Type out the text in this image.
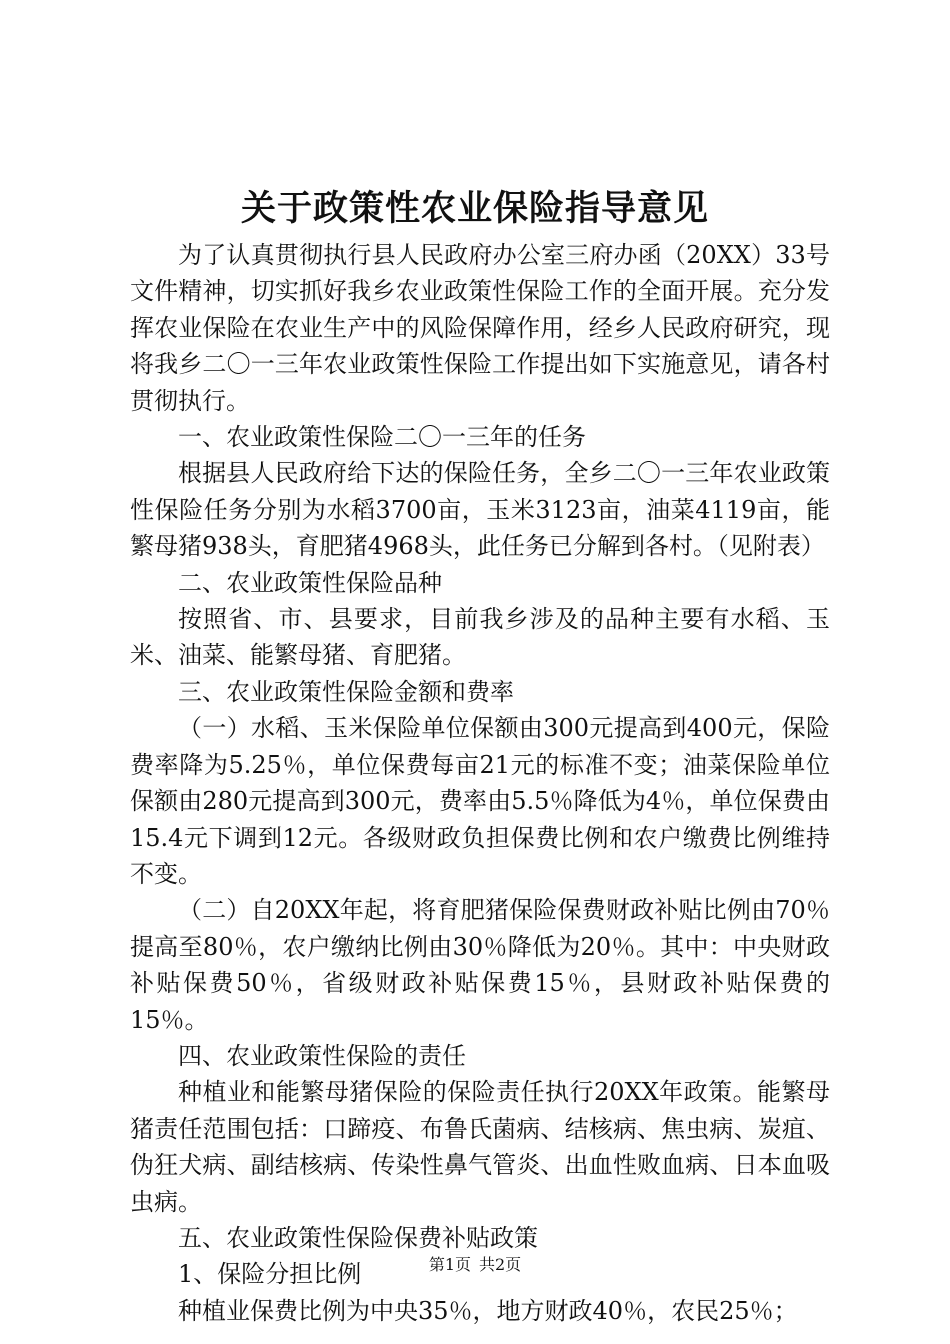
关于政策性农业保险指导意见

为了认真贯彻执行县人民政府办公室三府办函（20XX）33号文件精神，切实抓好我乡农业政策性保险工作的全面开展。充分发挥农业保险在农业生产中的风险保障作用，经乡人民政府研究，现将我乡二〇一三年农业政策性保险工作提出如下实施意见，请各村贯彻执行。

一、农业政策性保险二〇一三年的任务

根据县人民政府给下达的保险任务，全乡二〇一三年农业政策性保险任务分别为水稻3700亩，玉米3123亩，油菜4119亩，能繁母猪938头，育肥猪4968头，此任务已分解到各村。（见附表）

二、农业政策性保险品种

按照省、市、县要求，目前我乡涉及的品种主要有水稻、玉米、油菜、能繁母猪、育肥猪。

三、农业政策性保险金额和费率

（一）水稻、玉米保险单位保额由300元提高到400元，保险费率降为5.25％，单位保费每亩21元的标准不变；油菜保险单位保额由280元提高到300元，费率由5.5％降低为4％，单位保费由15.4元下调到12元。各级财政负担保费比例和农户缴费比例维持不变。

（二）自20XX年起，将育肥猪保险保费财政补贴比例由70％提高至80％，农户缴纳比例由30％降低为20％。其中：中央财政补贴保费50％，省级财政补贴保费15％，县财政补贴保费的15％。

四、农业政策性保险的责任

种植业和能繁母猪保险的保险责任执行20XX年政策。能繁母猪责任范围包括：口蹄疫、布鲁氏菌病、结核病、焦虫病、炭疽、伪狂犬病、副结核病、传染性鼻气管炎、出血性败血病、日本血吸虫病。

五、农业政策性保险保费补贴政策

1、保险分担比例

种植业保费比例为中央35％，地方财政40％，农民25％；

第1页 共2页
